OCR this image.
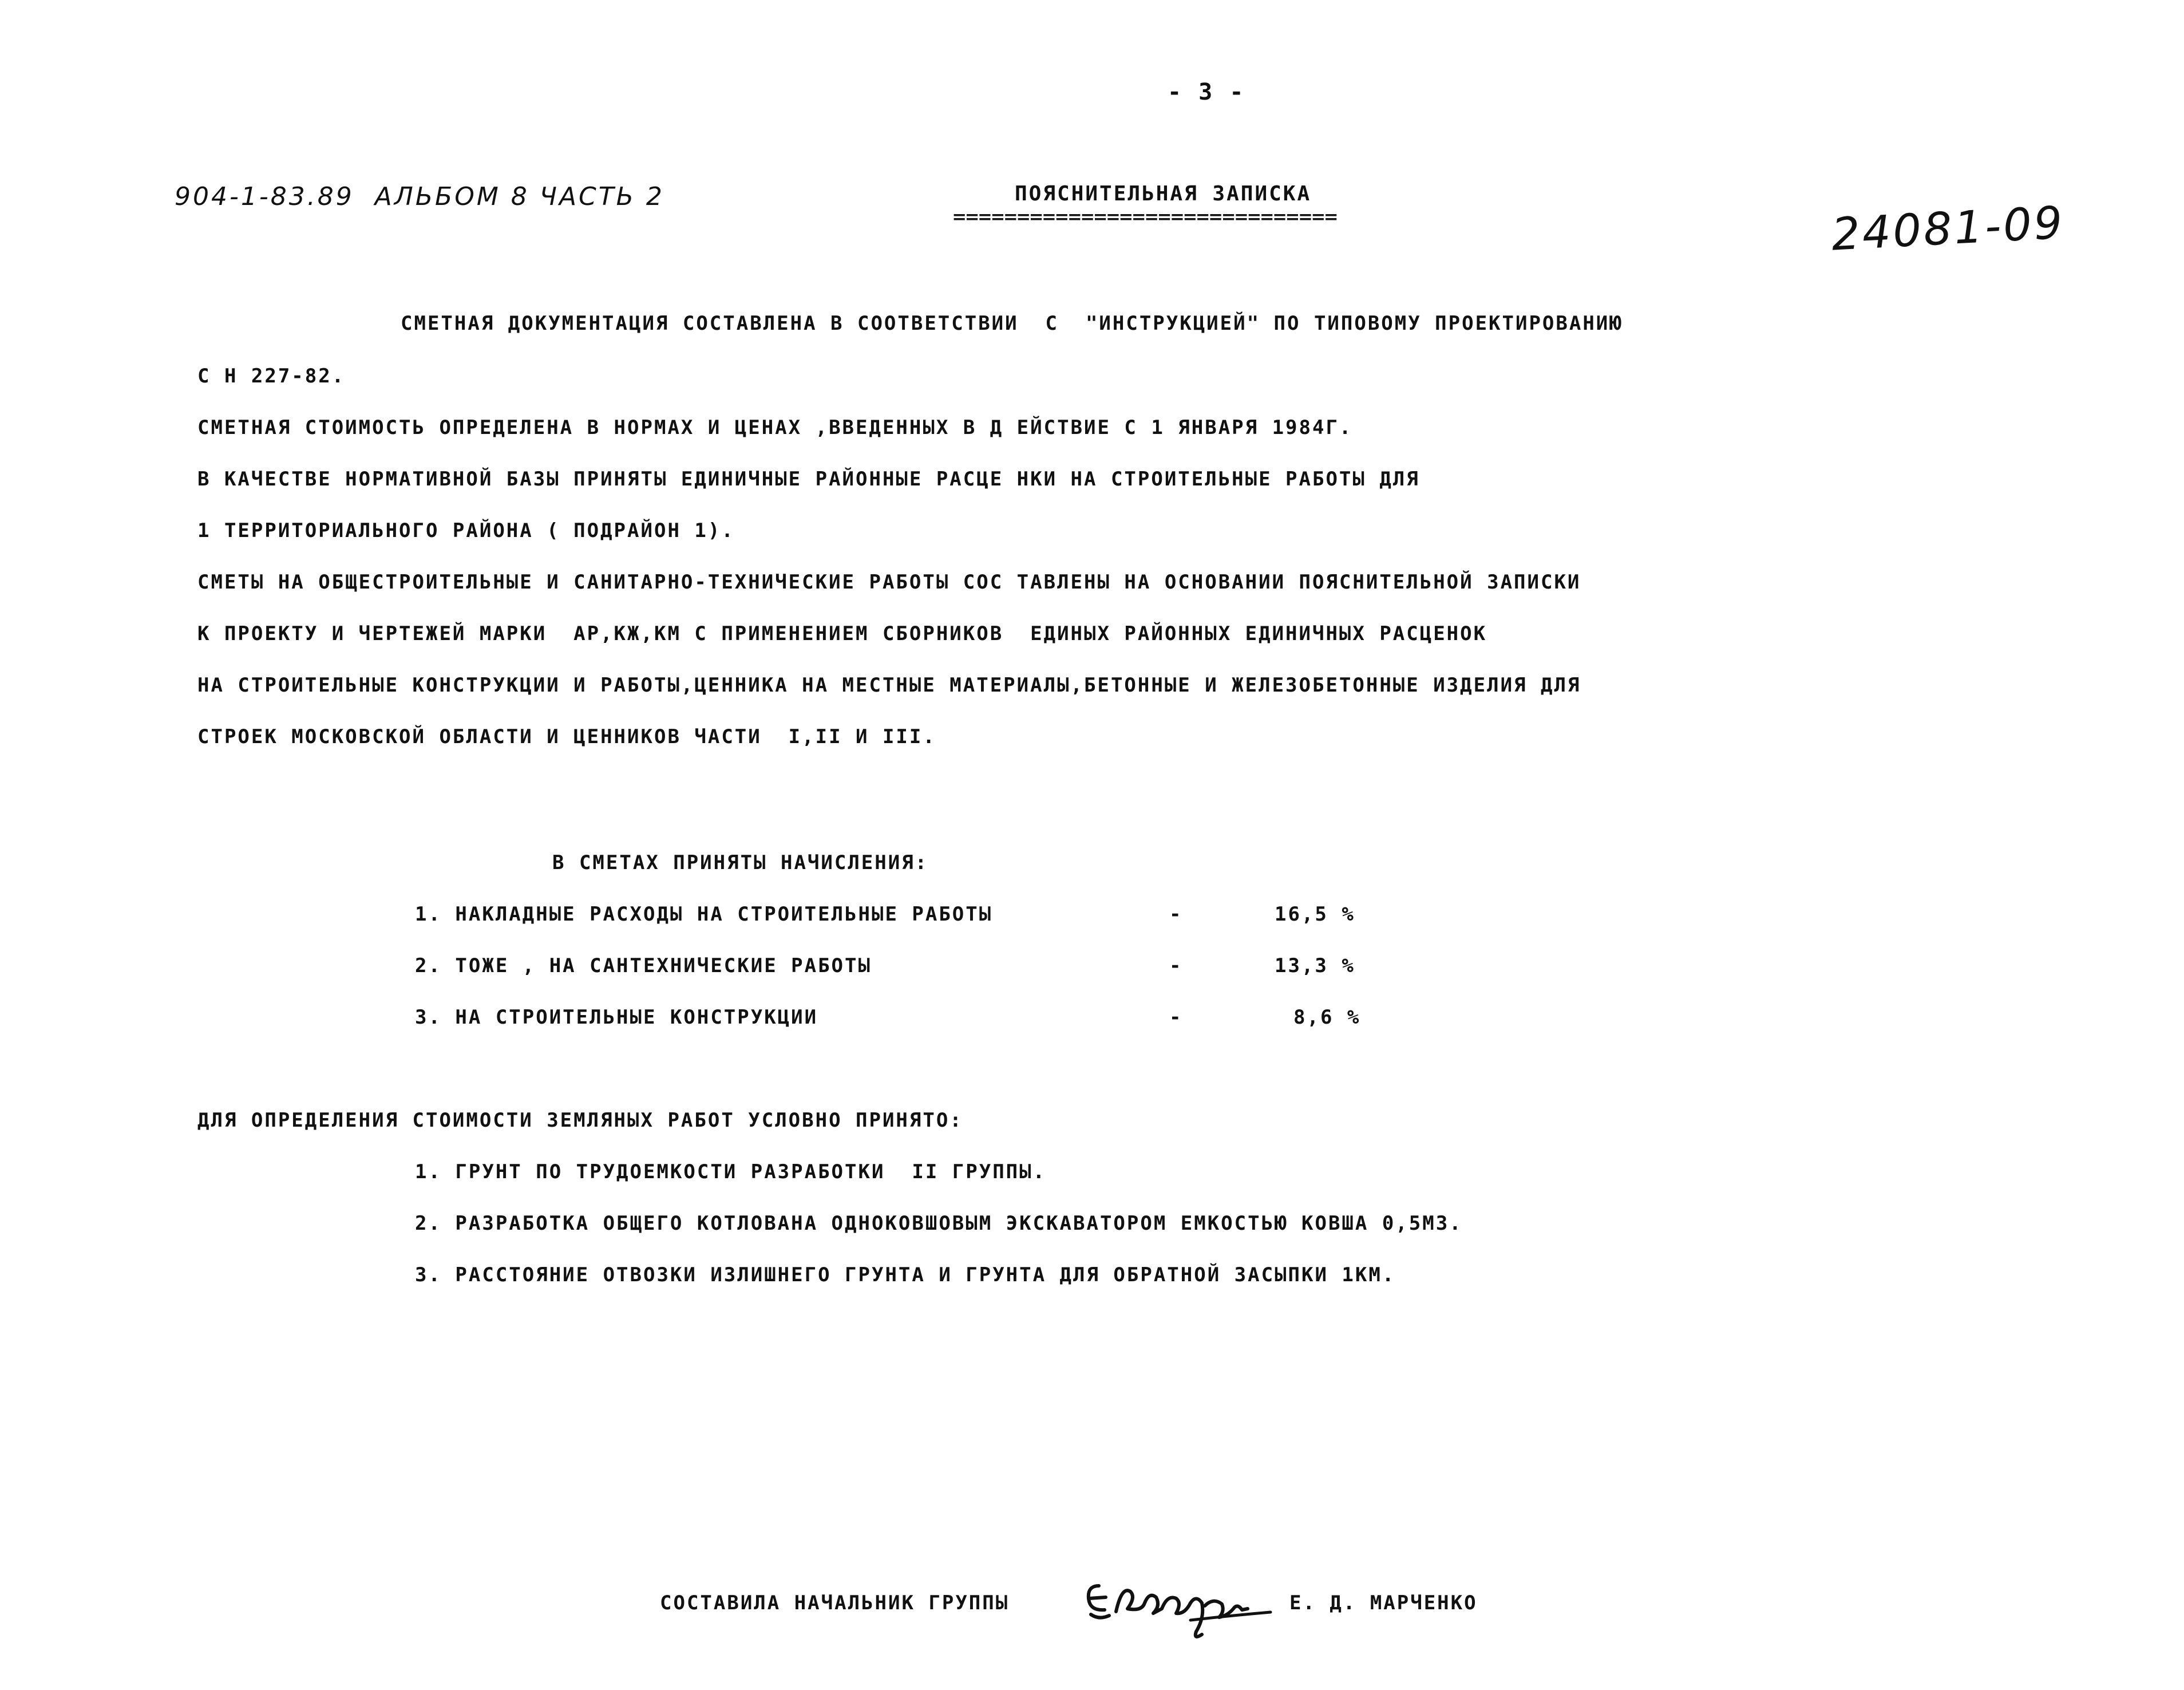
- 3 -
904-1-83.89  АЛЬБОМ 8 ЧАСТЬ 2	ПОЯСНИТЕЛЬНАЯ ЗАПИСКА
==============================	24081-09
СМЕТНАЯ ДОКУМЕНТАЦИЯ СОСТАВЛЕНА В СООТВЕТСТВИИ  С  "ИНСТРУКЦИЕЙ" ПО ТИПОВОМУ ПРОЕКТИРОВАНИЮ
С Н 227-82.
СМЕТНАЯ СТОИМОСТЬ ОПРЕДЕЛЕНА В НОРМАХ И ЦЕНАХ ,ВВЕДЕННЫХ В Д ЕЙСТВИЕ С 1 ЯНВАРЯ 1984Г.
В КАЧЕСТВЕ НОРМАТИВНОЙ БАЗЫ ПРИНЯТЫ ЕДИНИЧНЫЕ РАЙОННЫЕ РАСЦЕ НКИ НА СТРОИТЕЛЬНЫЕ РАБОТЫ ДЛЯ
1 ТЕРРИТОРИАЛЬНОГО РАЙОНА ( ПОДРАЙОН 1).
СМЕТЫ НА ОБЩЕСТРОИТЕЛЬНЫЕ И САНИТАРНО-ТЕХНИЧЕСКИЕ РАБОТЫ СОС ТАВЛЕНЫ НА ОСНОВАНИИ ПОЯСНИТЕЛЬНОЙ ЗАПИСКИ
К ПРОЕКТУ И ЧЕРТЕЖЕЙ МАРКИ  АР,КЖ,КМ С ПРИМЕНЕНИЕМ СБОРНИКОВ  ЕДИНЫХ РАЙОННЫХ ЕДИНИЧНЫХ РАСЦЕНОК
НА СТРОИТЕЛЬНЫЕ КОНСТРУКЦИИ И РАБОТЫ,ЦЕННИКА НА МЕСТНЫЕ МАТЕРИАЛЫ,БЕТОННЫЕ И ЖЕЛЕЗОБЕТОННЫЕ ИЗДЕЛИЯ ДЛЯ
СТРОЕК МОСКОВСКОЙ ОБЛАСТИ И ЦЕННИКОВ ЧАСТИ  I,II И III.
В СМЕТАХ ПРИНЯТЫ НАЧИСЛЕНИЯ:
1. НАКЛАДНЫЕ РАСХОДЫ НА СТРОИТЕЛЬНЫЕ РАБОТЫ	-	16,5 %
2. ТОЖЕ , НА САНТЕХНИЧЕСКИЕ РАБОТЫ	-	13,3 %
3. НА СТРОИТЕЛЬНЫЕ КОНСТРУКЦИИ	-	8,6 %
ДЛЯ ОПРЕДЕЛЕНИЯ СТОИМОСТИ ЗЕМЛЯНЫХ РАБОТ УСЛОВНО ПРИНЯТО:
1. ГРУНТ ПО ТРУДОЕМКОСТИ РАЗРАБОТКИ  II ГРУППЫ.
2. РАЗРАБОТКА ОБЩЕГО КОТЛОВАНА ОДНОКОВШОВЫМ ЭКСКАВАТОРОМ ЕМКОСТЬЮ КОВША 0,5М3.
3. РАССТОЯНИЕ ОТВОЗКИ ИЗЛИШНЕГО ГРУНТА И ГРУНТА ДЛЯ ОБРАТНОЙ ЗАСЫПКИ 1КМ.
СОСТАВИЛА НАЧАЛЬНИК ГРУППЫ	Е. Д. МАРЧЕНКО
